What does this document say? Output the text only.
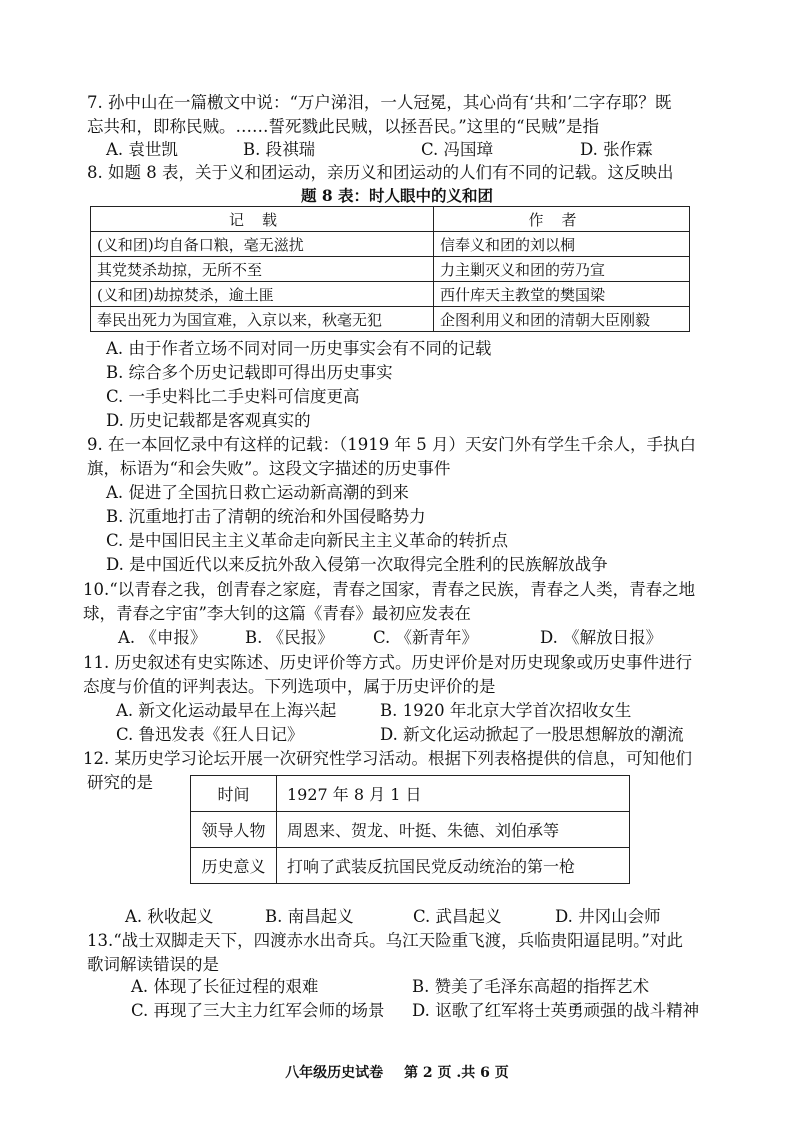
7. 孙中山在一篇檄文中说：“万户涕泪，一人冠冕，其心尚有‘共和’二字存耶？既
忘共和，即称民贼。……誓死戮此民贼，以拯吾民。”这里的“民贼”是指
A. 袁世凯	B. 段祺瑞	C. 冯国璋	D. 张作霖
8. 如题 8 表，关于义和团运动，亲历义和团运动的人们有不同的记载。这反映出
题 8 表：时人眼中的义和团
记载	作者
(义和团)均自备口粮，毫无滋扰	信奉义和团的刘以桐
其党焚杀劫掠，无所不至	力主剿灭义和团的劳乃宣
(义和团)劫掠焚杀，逾土匪	西什库天主教堂的樊国梁
奉民出死力为国宣难，入京以来，秋毫无犯	企图利用义和团的清朝大臣刚毅
A. 由于作者立场不同对同一历史事实会有不同的记载
B. 综合多个历史记载即可得出历史事实
C. 一手史料比二手史料可信度更高
D. 历史记载都是客观真实的
9. 在一本回忆录中有这样的记载：（1919 年 5 月）天安门外有学生千余人，手执白
旗，标语为“和会失败”。这段文字描述的历史事件
A. 促进了全国抗日救亡运动新高潮的到来
B. 沉重地打击了清朝的统治和外国侵略势力
C. 是中国旧民主主义革命走向新民主主义革命的转折点
D. 是中国近代以来反抗外敌入侵第一次取得完全胜利的民族解放战争
10.“以青春之我，创青春之家庭，青春之国家，青春之民族，青春之人类，青春之地
球，青春之宇宙”李大钊的这篇《青春》最初应发表在
A. 《申报》 B. 《民报》 C. 《新青年》	D. 《解放日报》
11. 历史叙述有史实陈述、历史评价等方式。历史评价是对历史现象或历史事件进行
态度与价值的评判表达。下列选项中，属于历史评价的是
A. 新文化运动最早在上海兴起	B. 1920 年北京大学首次招收女生
C. 鲁迅发表《狂人日记》	D. 新文化运动掀起了一股思想解放的潮流
12. 某历史学习论坛开展一次研究性学习活动。根据下列表格提供的信息，可知他们
研究的是
时间	1927 年 8 月 1 日
领导人物	周恩来、贺龙、叶挺、朱德、刘伯承等
历史意义	打响了武装反抗国民党反动统治的第一枪
A. 秋收起义	B. 南昌起义	C. 武昌起义	D. 井冈山会师
13.“战士双脚走天下，四渡赤水出奇兵。乌江天险重飞渡，兵临贵阳逼昆明。”对此
歌词解读错误的是
A. 体现了长征过程的艰难	B. 赞美了毛泽东高超的指挥艺术
C. 再现了三大主力红军会师的场景 D. 讴歌了红军将士英勇顽强的战斗精神
八年级历史试卷 第 2 页 .共 6 页
